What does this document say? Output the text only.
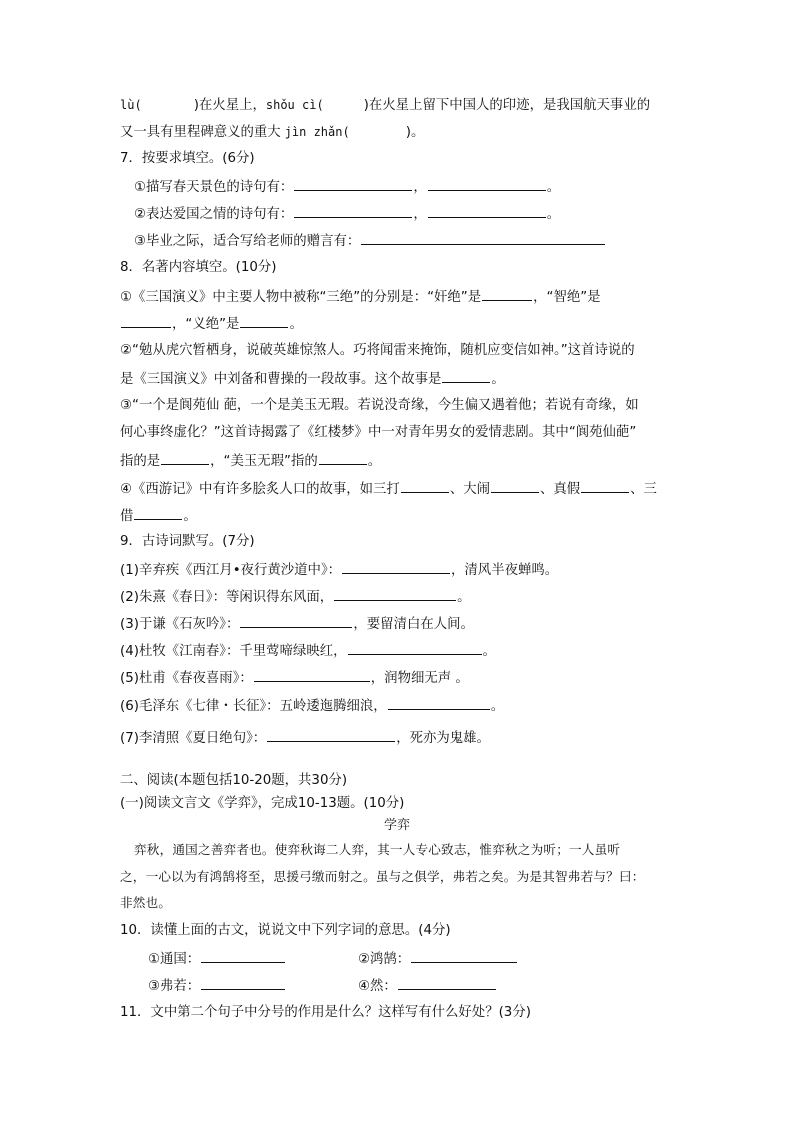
lù(	)在火星上，shǒu cì(	)在火星上留下中国人的印迹，是我国航天事业的
又一具有里程碑意义的重大 jìn zhǎn(	)。
7．按要求填空。(6分)
①描写春天景色的诗句有：	，	。
②表达爱国之情的诗句有：	，	。
③毕业之际，适合写给老师的赠言有：
8．名著内容填空。(10分)
①《三国演义》中主要人物中被称“三绝”的分别是：“奸绝”是	，“智绝”是
，“义绝”是	。
②“勉从虎穴暂栖身，说破英雄惊煞人。巧将闻雷来掩饰，随机应变信如神。”这首诗说的
是《三国演义》中刘备和曹操的一段故事。这个故事是	。
③“一个是阆苑仙 葩，一个是美玉无瑕。若说没奇缘，今生偏又遇着他；若说有奇缘，如
何心事终虚化？”这首诗揭露了《红楼梦》中一对青年男女的爱情悲剧。其中“阆苑仙葩”
指的是	，“美玉无瑕”指的	。
④《西游记》中有许多脍炙人口的故事，如三打	、大闹	、真假	、三
借	。
9．古诗词默写。(7分)
(1)辛弃疾《西江月•夜行黄沙道中》：	，清风半夜蝉鸣。
(2)朱熹《春日》：等闲识得东风面，	。
(3)于谦《石灰吟》：	，要留清白在人间。
(4)杜牧《江南春》：千里莺啼绿映红，	。
(5)杜甫《春夜喜雨》：	，润物细无声 。
(6)毛泽东《七律・长征》：五岭逶迤腾细浪，	。
(7)李清照《夏日绝句》：	，死亦为鬼雄。
二、阅读(本题包括10-20题，共30分)
(一)阅读文言文《学弈》，完成10-13题。(10分)
学弈
弈秋，通国之善弈者也。使弈秋诲二人弈，其一人专心致志，惟弈秋之为听；一人虽听
之，一心以为有鸿鹄将至，思援弓缴而射之。虽与之俱学，弗若之矣。为是其智弗若与？曰：
非然也。
10．读懂上面的古文，说说文中下列字词的意思。(4分)
①通国：	②鸿鹄：
③弗若：	④然：
11．文中第二个句子中分号的作用是什么？这样写有什么好处？(3分)
